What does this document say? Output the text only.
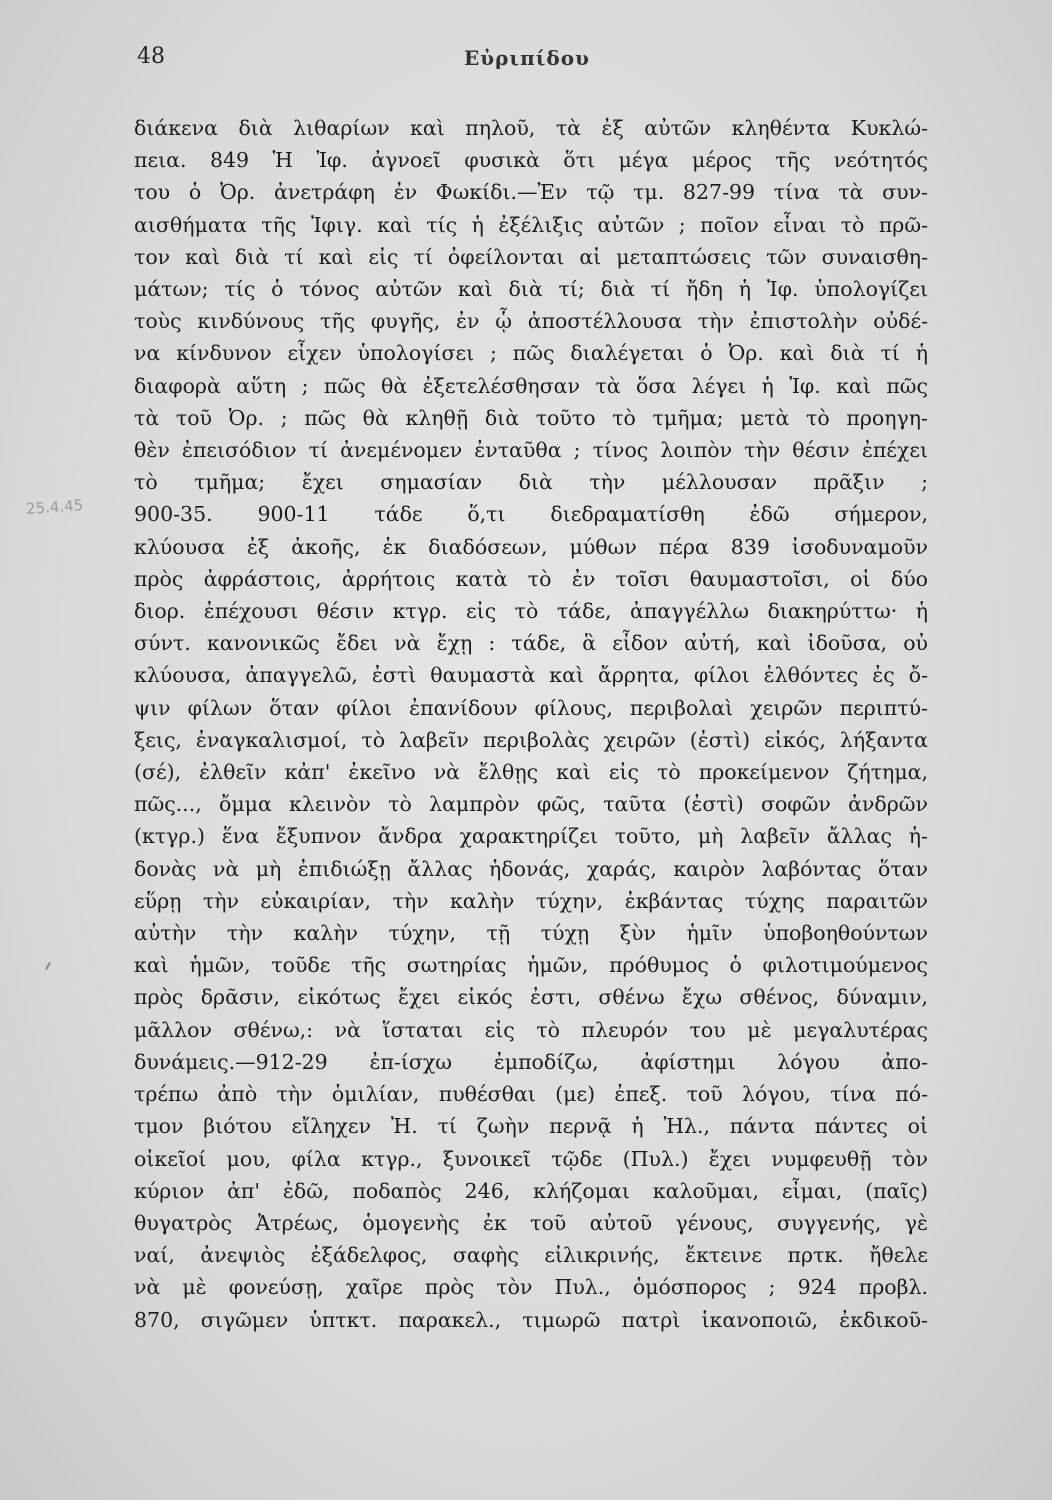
48	Εὐριπίδου
25.4.45
διάκενα διὰ λιθαρίων καὶ πηλοῦ, τὰ ἐξ αὐτῶν κληθέντα Κυκλώ-
πεια. 849 Ἡ Ἰφ. ἀγνοεῖ φυσικὰ ὅτι μέγα μέρος τῆς νεότητός
του ὁ Ὀρ. ἀνετράφη ἐν Φωκίδι.—Ἐν τῷ τμ. 827-99 τίνα τὰ συν-
αισθήματα τῆς Ἰφιγ. καὶ τίς ἡ ἐξέλιξις αὐτῶν ; ποῖον εἶναι τὸ πρῶ-
τον καὶ διὰ τί καὶ εἰς τί ὀφείλονται αἱ μεταπτώσεις τῶν συναισθη-
μάτων; τίς ὁ τόνος αὐτῶν καὶ διὰ τί; διὰ τί ἤδη ἡ Ἰφ. ὑπολογίζει
τοὺς κινδύνους τῆς φυγῆς, ἐν ᾧ ἀποστέλλουσα τὴν ἐπιστολὴν οὐδέ-
να κίνδυνον εἶχεν ὑπολογίσει ; πῶς διαλέγεται ὁ Ὀρ. καὶ διὰ τί ἡ
διαφορὰ αὕτη ; πῶς θὰ ἐξετελέσθησαν τὰ ὅσα λέγει ἡ Ἰφ. καὶ πῶς
τὰ τοῦ Ὀρ. ; πῶς θὰ κληθῇ διὰ τοῦτο τὸ τμῆμα; μετὰ τὸ προηγη-
θὲν ἐπεισόδιον τί ἀνεμένομεν ἐνταῦθα ; τίνος λοιπὸν τὴν θέσιν ἐπέχει
τὸ τμῆμα; ἔχει σημασίαν διὰ τὴν μέλλουσαν πρᾶξιν ;
900-35. 900-11 τάδε ὅ,τι διεδραματίσθη ἐδῶ σήμερον,
κλύουσα ἐξ ἀκοῆς, ἐκ διαδόσεων, μύθων πέρα 839 ἰσοδυναμοῦν
πρὸς ἀφράστοις, ἀρρήτοις κατὰ τὸ ἐν τοῖσι θαυμαστοῖσι, οἱ δύο
διορ. ἐπέχουσι θέσιν κτγρ. εἰς τὸ τάδε, ἀπαγγέλλω διακηρύττω· ἡ
σύντ. κανονικῶς ἔδει νὰ ἔχῃ : τάδε, ἃ εἶδον αὐτή, καὶ ἰδοῦσα, οὐ
κλύουσα, ἀπαγγελῶ, ἐστὶ θαυμαστὰ καὶ ἄρρητα, φίλοι ἐλθόντες ἐς ὄ-
ψιν φίλων ὅταν φίλοι ἐπανίδουν φίλους, περιβολαὶ χειρῶν περιπτύ-
ξεις, ἐναγκαλισμοί, τὸ λαβεῖν περιβολὰς χειρῶν (ἐστὶ) εἰκός, λήξαντα
(σέ), ἐλθεῖν κἀπ' ἐκεῖνο νὰ ἔλθῃς καὶ εἰς τὸ προκείμενον ζήτημα,
πῶς..., ὄμμα κλεινὸν τὸ λαμπρὸν φῶς, ταῦτα (ἐστὶ) σοφῶν ἀνδρῶν
(κτγρ.) ἕνα ἔξυπνον ἄνδρα χαρακτηρίζει τοῦτο, μὴ λαβεῖν ἄλλας ἡ-
δονὰς νὰ μὴ ἐπιδιώξῃ ἄλλας ἡδονάς, χαράς, καιρὸν λαβόντας ὅταν
εὕρῃ τὴν εὐκαιρίαν, τὴν καλὴν τύχην, ἐκβάντας τύχης παραιτῶν
αὐτὴν τὴν καλὴν τύχην, τῇ τύχῃ ξὺν ἡμῖν ὑποβοηθούντων
καὶ ἡμῶν, τοῦδε τῆς σωτηρίας ἡμῶν, πρόθυμος ὁ φιλοτιμούμενος
πρὸς δρᾶσιν, εἰκότως ἔχει εἰκός ἐστι, σθένω ἔχω σθένος, δύναμιν,
μᾶλλον σθένω,: νὰ ἵσταται εἰς τὸ πλευρόν του μὲ μεγαλυτέρας
δυνάμεις.—912-29 ἐπ-ίσχω ἐμποδίζω, ἀφίστημι λόγου ἀπο-
τρέπω ἀπὸ τὴν ὁμιλίαν, πυθέσθαι (με) ἐπεξ. τοῦ λόγου, τίνα πό-
τμον βιότου εἴληχεν Ἠ. τί ζωὴν περνᾷ ἡ Ἠλ., πάντα πάντες οἱ
οἰκεῖοί μου, φίλα κτγρ., ξυνοικεῖ τῷδε (Πυλ.) ἔχει νυμφευθῇ τὸν
κύριον ἀπ' ἐδῶ, ποδαπὸς 246, κλήζομαι καλοῦμαι, εἶμαι, (παῖς)
θυγατρὸς Ἀτρέως, ὁμογενὴς ἐκ τοῦ αὐτοῦ γένους, συγγενής, γὲ
ναί, ἀνεψιὸς ἐξάδελφος, σαφὴς εἰλικρινής, ἔκτεινε πρτκ. ἤθελε
νὰ μὲ φονεύσῃ, χαῖρε πρὸς τὸν Πυλ., ὁμόσπορος ; 924 προβλ.
870, σιγῶμεν ὑπτκτ. παρακελ., τιμωρῶ πατρὶ ἱκανοποιῶ, ἐκδικοῦ-
